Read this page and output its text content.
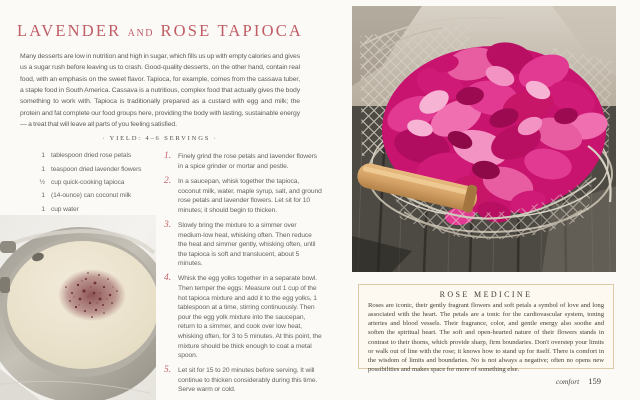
LAVENDER AND ROSE TAPIOCA

Many desserts are low in nutrition and high in sugar, which fills us up with empty calories and gives us a sugar rush before leaving us to crash. Good-quality desserts, on the other hand, contain real food, with an emphasis on the sweet flavor. Tapioca, for example, comes from the cassava tuber, a staple food in South America. Cassava is a nutritious, complex food that actually gives the body something to work with. Tapioca is traditionally prepared as a custard with egg and milk; the protein and fat complete our food groups here, providing the body with lasting, sustainable energy — a treat that will leave all parts of you feeling satisfied.

· YIELD: 4–6 SERVINGS ·
1 tablespoon dried rose petals
1 teaspoon dried lavender flowers
½ cup quick-cooking tapioca
1 (14-ounce) can coconut milk
1 cup water
1. Finely grind the rose petals and lavender flowers in a spice grinder or mortar and pestle.
2. In a saucepan, whisk together the tapioca, coconut milk, water, maple syrup, salt, and ground rose petals and lavender flowers. Let sit for 10 minutes; it should begin to thicken.
3. Slowly bring the mixture to a simmer over medium-low heat, whisking often. Then reduce the heat and simmer gently, whisking often, until the tapioca is soft and translucent, about 5 minutes.
4. Whisk the egg yolks together in a separate bowl. Then temper the eggs: Measure out 1 cup of the hot tapioca mixture and add it to the egg yolks, 1 tablespoon at a time, stirring continuously. Then pour the egg yolk mixture into the saucepan, return to a simmer, and cook over low heat, whisking often, for 3 to 5 minutes. At this point, the mixture should be thick enough to coat a metal spoon.
5. Let sit for 15 to 20 minutes before serving. It will continue to thicken considerably during this time. Serve warm or cold.
ROSE MEDICINE
Roses are iconic, their gently fragrant flowers and soft petals a symbol of love and long associated with the heart. The petals are a tonic for the cardiovascular system, toning arteries and blood vessels. Their fragrance, color, and gentle energy also soothe and soften the spiritual heart. The soft and open-hearted nature of their flowers stands in contrast to their thorns, which provide sharp, firm boundaries. Don't overstep your limits or walk out of line with the rose; it knows how to stand up for itself. There is comfort in the wisdom of limits and boundaries. No is not always a negative; often no opens new possibilities and makes space for more of something else.
comfort 159
